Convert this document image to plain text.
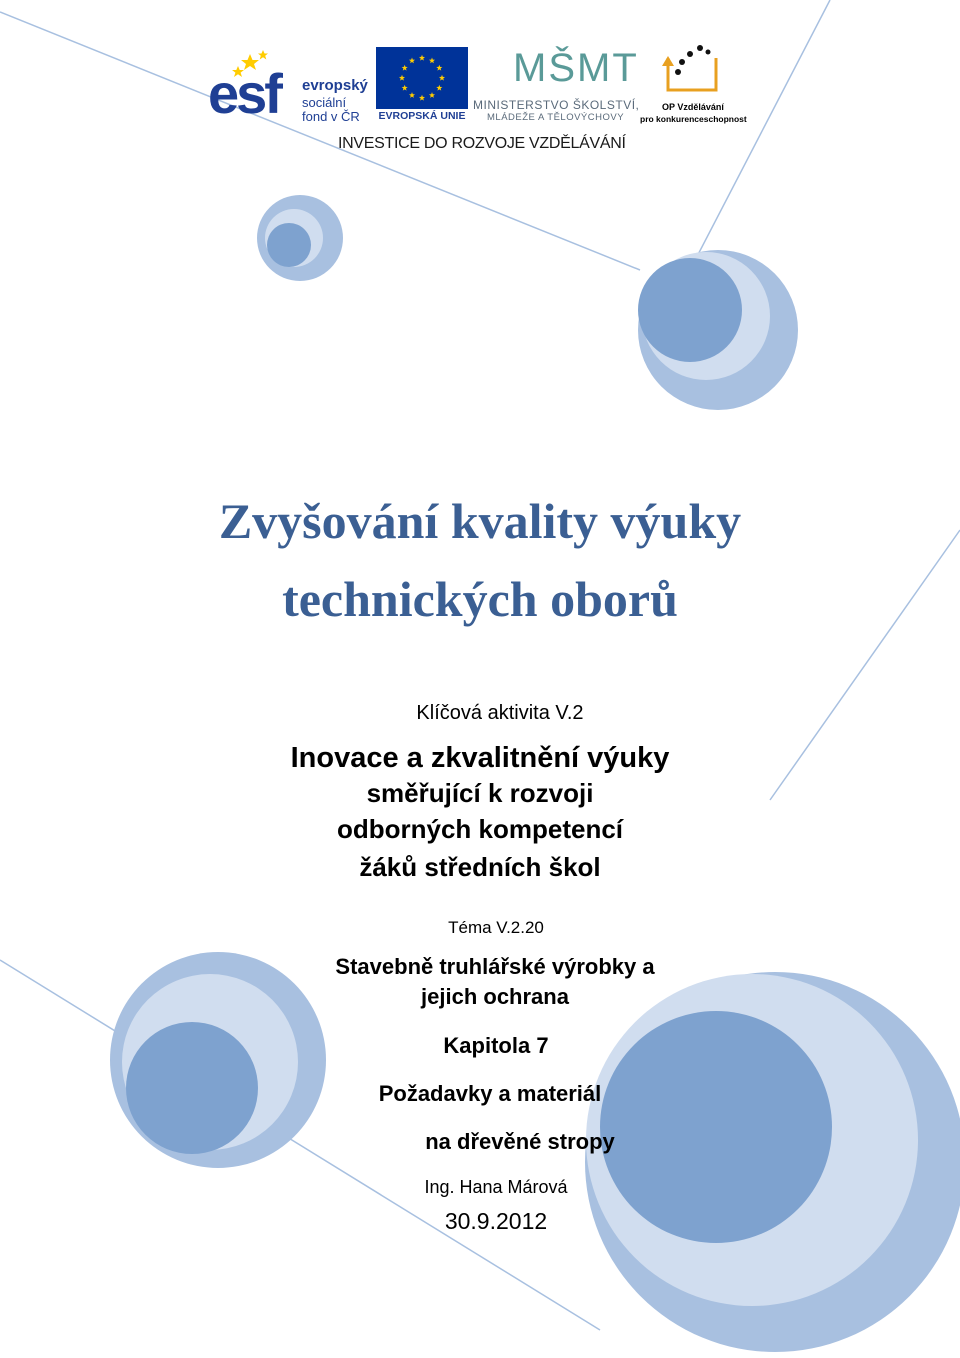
esf evropský
sociální
fond v ČR EVROPSKÁ UNIE
MŠMT
MINISTERSTVO ŠKOLSTVÍ,
MLÁDEŽE A TĚLOVÝCHOVY
OP Vzdělávání
pro konkurenceschopnost
INVESTICE DO ROZVOJE VZDĚLÁVÁNÍ
Zvyšování kvality výuky
technických oborů
Klíčová aktivita V.2
Inovace a zkvalitnění výuky
směřující k rozvoji
odborných kompetencí
žáků středních škol
Téma V.2.20
Stavebně truhlářské výrobky a
jejich ochrana
Kapitola 7
Požadavky a materiál
na dřevěné stropy
Ing. Hana Márová
30.9.2012
